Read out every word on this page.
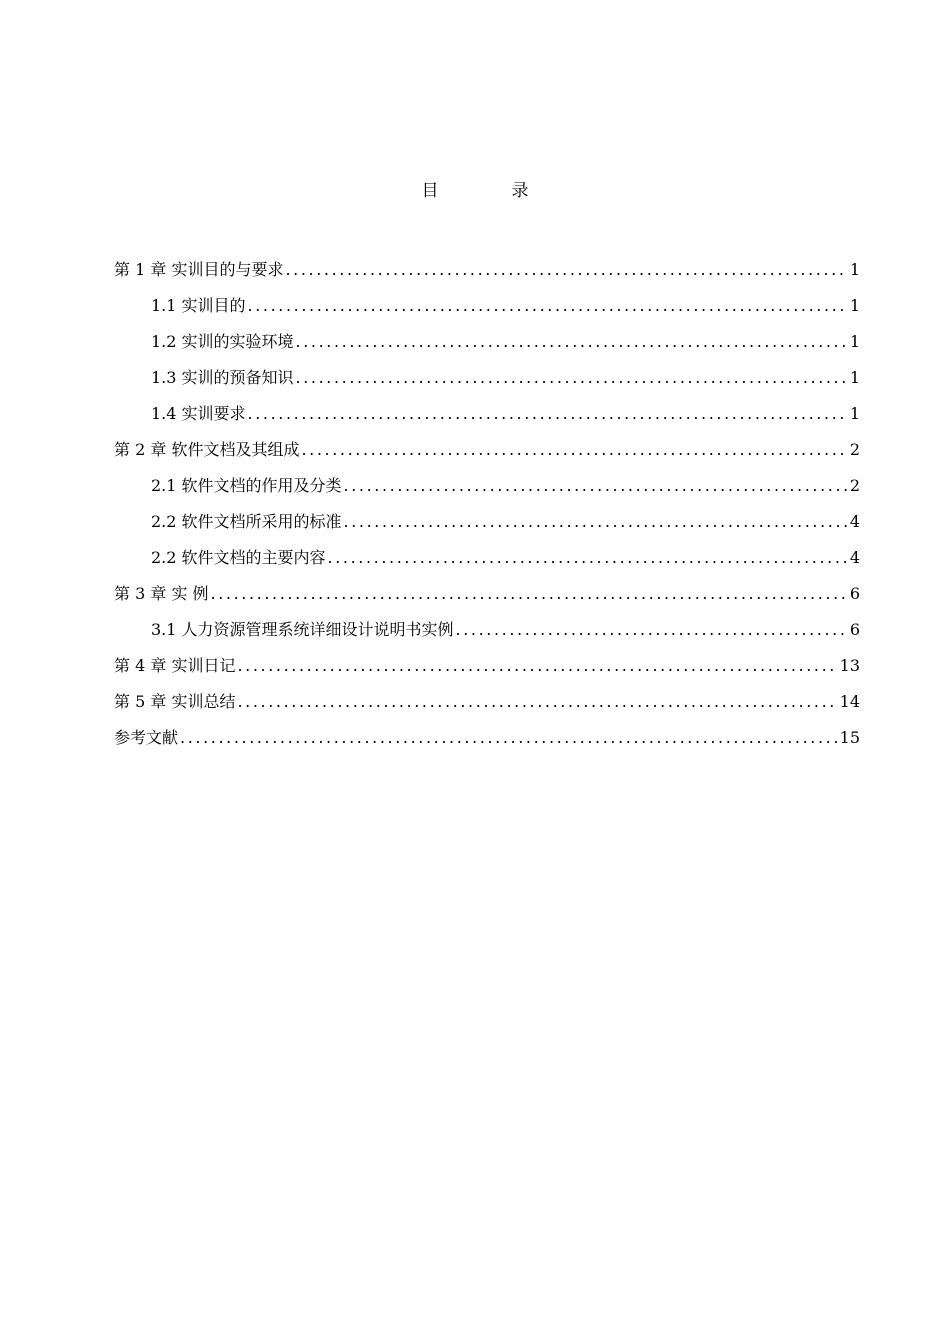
目　录
第 1 章 实训目的与要求 .....	1
1.1 实训目的 .....	1
1.2 实训的实验环境 .....	1
1.3 实训的预备知识 .....	1
1.4 实训要求 .....	1
第 2 章 软件文档及其组成 .....	2
2.1 软件文档的作用及分类 .....	2
2.2 软件文档所采用的标准 .....	4
2.2 软件文档的主要内容 .....	4
第 3 章 实 例 .....	6
3.1 人力资源管理系统详细设计说明书实例 .....	6
第 4 章 实训日记 .....	13
第 5 章 实训总结 .....	14
参考文献 .....	15
